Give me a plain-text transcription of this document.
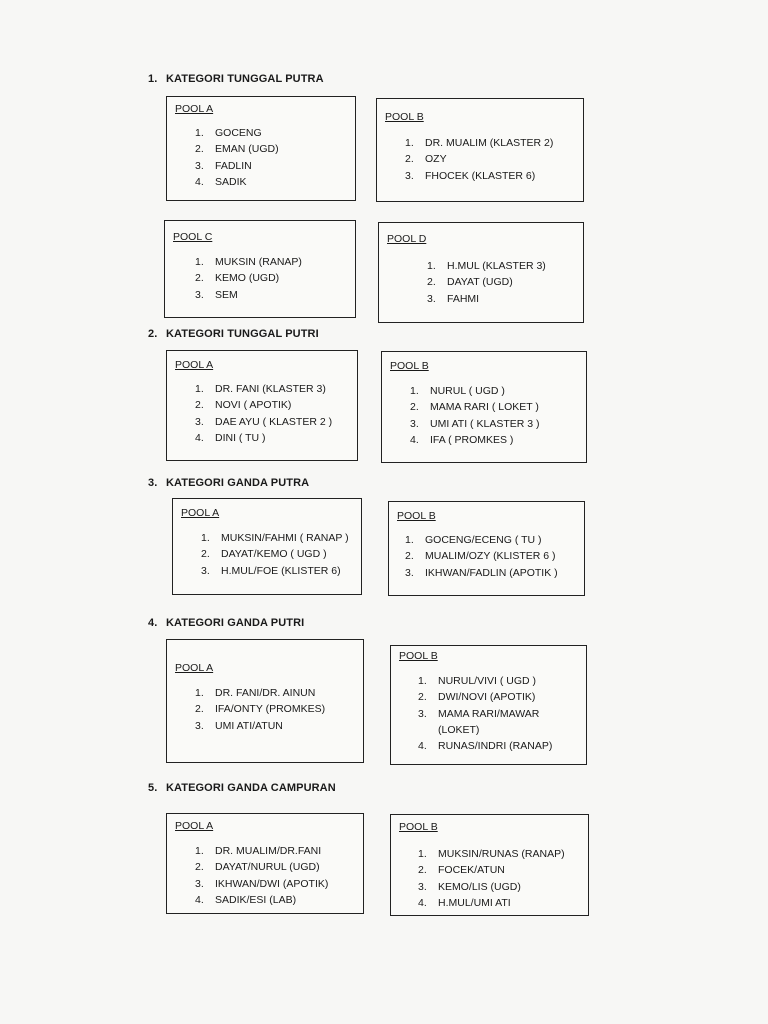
1. KATEGORI TUNGGAL PUTRA
POOL A
1. GOCENG
2. EMAN (UGD)
3. FADLIN
4. SADIK
POOL B
1. DR. MUALIM (KLASTER 2)
2. OZY
3. FHOCEK (KLASTER 6)
POOL C
1. MUKSIN (RANAP)
2. KEMO (UGD)
3. SEM
POOL D
1. H.MUL (KLASTER 3)
2. DAYAT (UGD)
3. FAHMI
2. KATEGORI TUNGGAL PUTRI
POOL A
1. DR. FANI (KLASTER 3)
2. NOVI ( APOTIK)
3. DAE AYU ( KLASTER 2 )
4. DINI ( TU )
POOL B
1. NURUL ( UGD )
2. MAMA RARI ( LOKET )
3. UMI ATI ( KLASTER 3 )
4. IFA ( PROMKES )
3. KATEGORI GANDA PUTRA
POOL A
1. MUKSIN/FAHMI ( RANAP )
2. DAYAT/KEMO ( UGD )
3. H.MUL/FOE (KLISTER 6)
POOL B
1. GOCENG/ECENG ( TU )
2. MUALIM/OZY (KLISTER 6 )
3. IKHWAN/FADLIN (APOTIK )
4. KATEGORI GANDA PUTRI
POOL A
1. DR. FANI/DR. AINUN
2. IFA/ONTY (PROMKES)
3. UMI ATI/ATUN
POOL B
1. NURUL/VIVI ( UGD )
2. DWI/NOVI (APOTIK)
3. MAMA RARI/MAWAR
(LOKET)
4. RUNAS/INDRI (RANAP)
5. KATEGORI GANDA CAMPURAN
POOL A
1. DR. MUALIM/DR.FANI
2. DAYAT/NURUL (UGD)
3. IKHWAN/DWI (APOTIK)
4. SADIK/ESI (LAB)
POOL B
1. MUKSIN/RUNAS (RANAP)
2. FOCEK/ATUN
3. KEMO/LIS (UGD)
4. H.MUL/UMI ATI
